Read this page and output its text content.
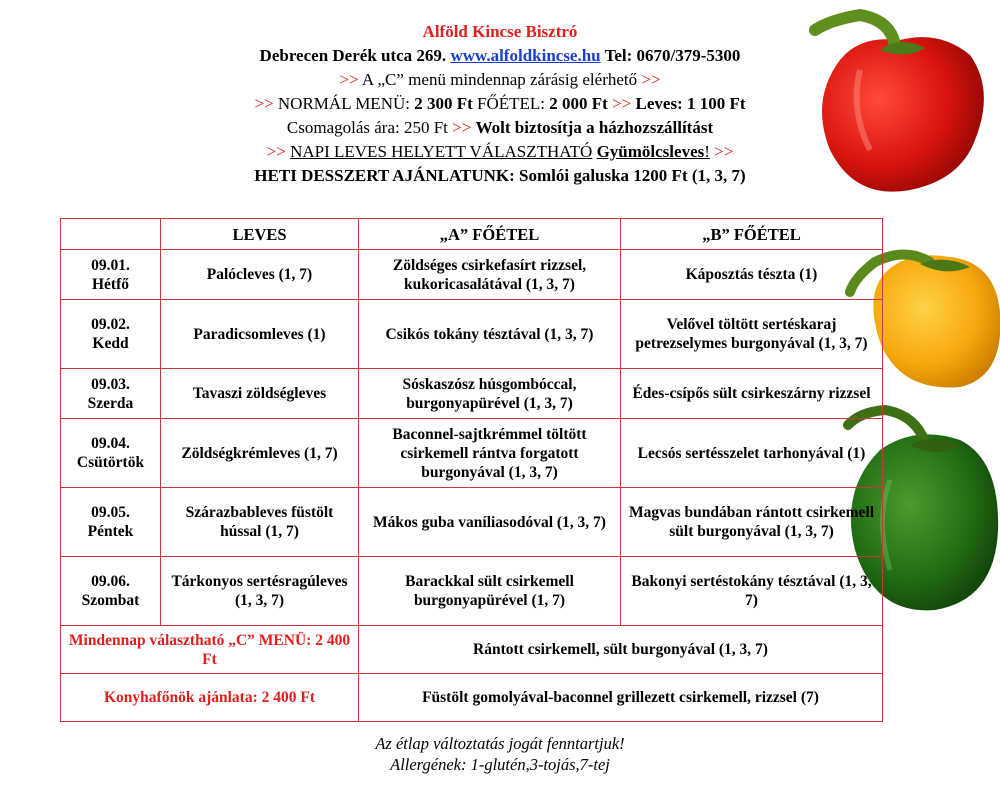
Alföld Kincse Bisztró
Debrecen Derék utca 269. www.alfoldkincse.hu Tel: 0670/379-5300
>> A „C” menü mindennap zárásig elérhető >>
>> NORMÁL MENÜ: 2 300 Ft FŐÉTEL: 2 000 Ft >> Leves: 1 100 Ft
Csomagolás ára: 250 Ft >> Wolt biztosítja a házhozszállítást
>> NAPI LEVES HELYETT VÁLASZTHATÓ Gyümölcsleves! >>
HETI DESSZERT AJÁNLATUNK: Somlói galuska 1200 Ft (1, 3, 7)
	LEVES	„A” FŐÉTEL	„B” FŐÉTEL

09.01.
Hétfő	Palócleves (1, 7)	Zöldséges csirkefasírt rizzsel, kukoricasalátával (1, 3, 7)	Káposztás tészta (1)

09.02.
Kedd	Paradicsomleves (1)	Csikós tokány tésztával (1, 3, 7)	Velővel töltött sertéskaraj petrezselymes burgonyával (1, 3, 7)

09.03.
Szerda	Tavaszi zöldségleves	Sóskaszósz húsgombóccal, burgonyapürével (1, 3, 7)	Édes-csípős sült csirkeszárny rizzsel

09.04.
Csütörtök	Zöldségkrémleves (1, 7)	Baconnel-sajtkrémmel töltött csirkemell rántva forgatott burgonyával (1, 3, 7)	Lecsós sertésszelet tarhonyával (1)

09.05.
Péntek	Szárazbableves füstölt hússal (1, 7)	Mákos guba vaníliasodóval (1, 3, 7)	Magvas bundában rántott csirkemell sült burgonyával (1, 3, 7)

09.06.
Szombat	Tárkonyos sertésragúleves (1, 3, 7)	Barackkal sült csirkemell burgonyapürével (1, 7)	Bakonyi sertéstokány tésztával (1, 3, 7)
Mindennap választható „C” MENÜ: 2 400 Ft		Rántott csirkemell, sült burgonyával (1, 3, 7)	
Konyhafőnök ajánlata: 2 400 Ft		Füstölt gomolyával-baconnel grillezett csirkemell, rizzsel (7)	
Az étlap változtatás jogát fenntartjuk!
Allergének: 1-glutén,3-tojás,7-tej
